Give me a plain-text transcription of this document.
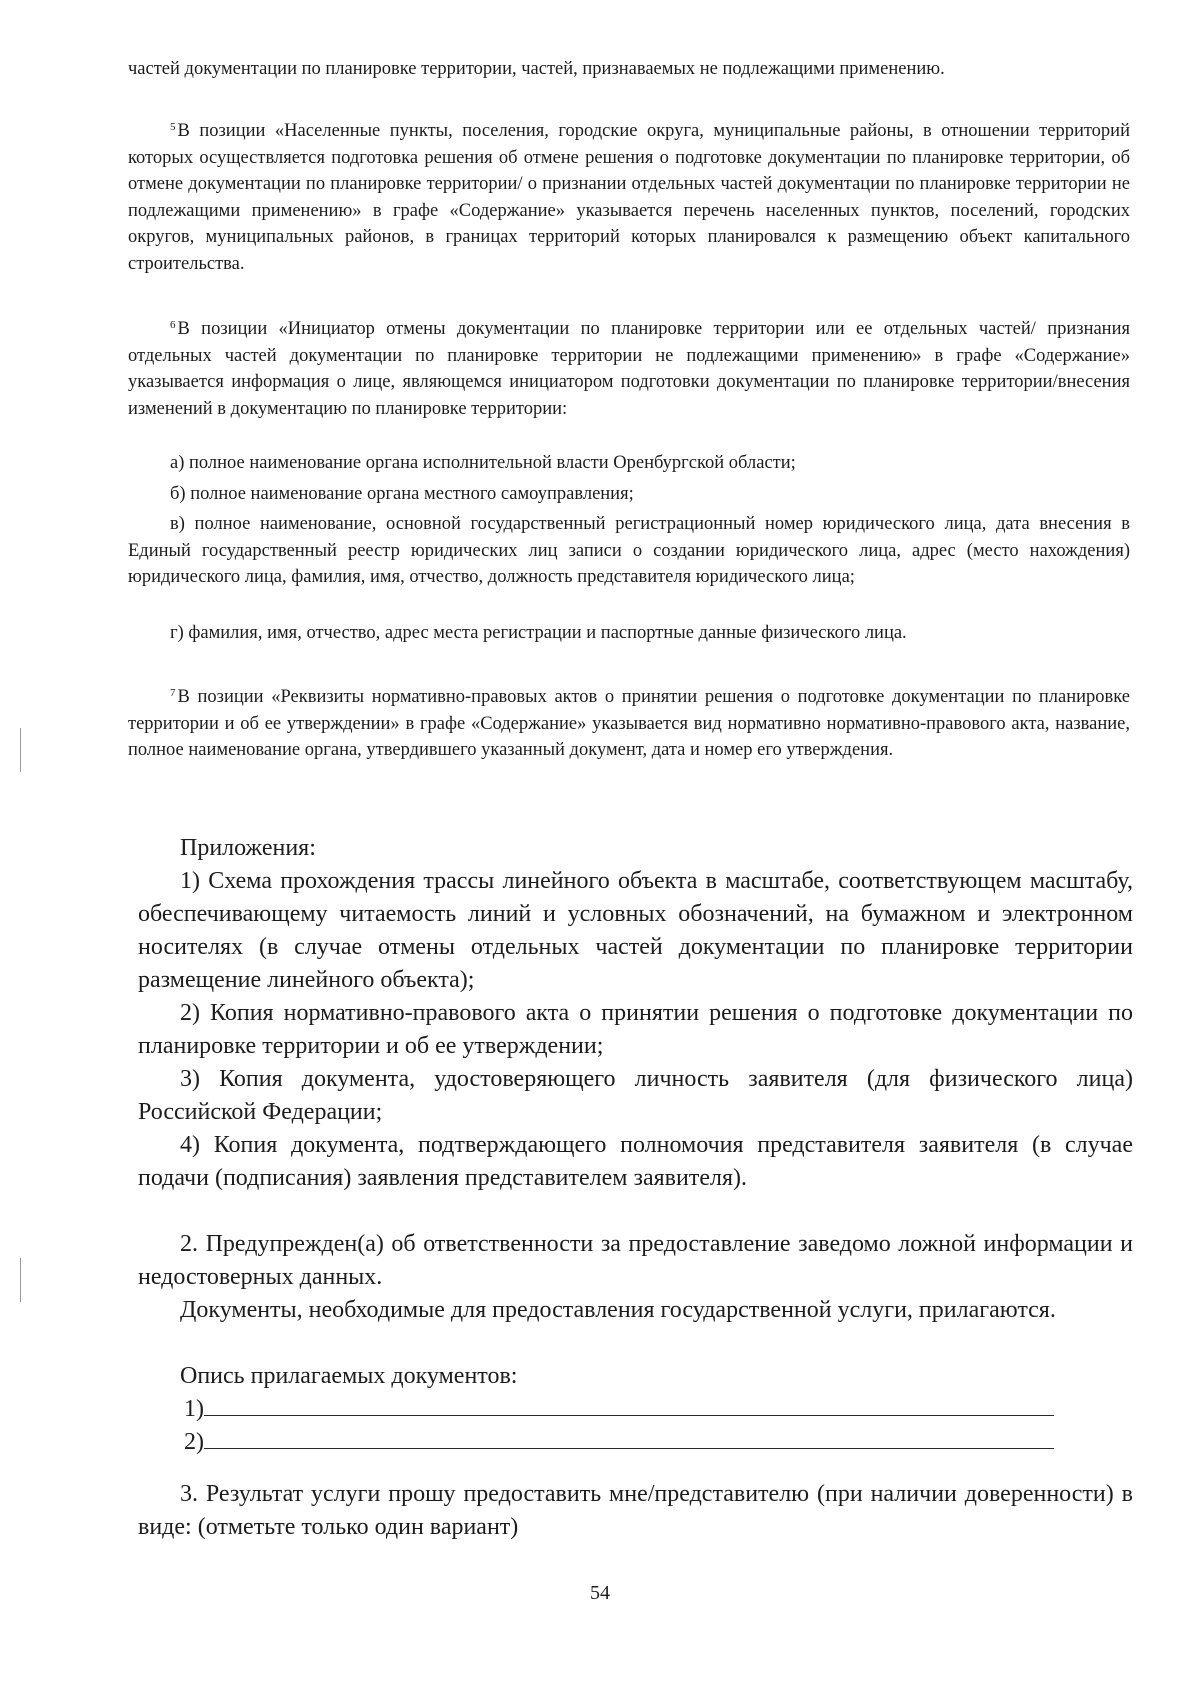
частей документации по планировке территории, частей, признаваемых не подлежащими применению.

$^5$ В позиции «Населенные пункты, поселения, городские округа, муниципальные районы, в отношении территорий которых осуществляется подготовка решения об отмене решения о подготовке документации по планировке территории, об отмене документации по планировке территории/ о признании отдельных частей документации по планировке территории не подлежащими применению» в графе «Содержание» указывается перечень населенных пунктов, поселений, городских округов, муниципальных районов, в границах территорий которых планировался к размещению объект капитального строительства.

$^6$ В позиции «Инициатор отмены документации по планировке территории или ее отдельных частей/ признания отдельных частей документации по планировке территории не подлежащими применению» в графе «Содержание» указывается информация о лице, являющемся инициатором подготовки документации по планировке территории/внесения изменений в документацию по планировке территории:

а) полное наименование органа исполнительной власти Оренбургской области;

б) полное наименование органа местного самоуправления;

в) полное наименование, основной государственный регистрационный номер юридического лица, дата внесения в Единый государственный реестр юридических лиц записи о создании юридического лица, адрес (место нахождения) юридического лица, фамилия, имя, отчество, должность представителя юридического лица;

г) фамилия, имя, отчество, адрес места регистрации и паспортные данные физического лица.

$^7$ В позиции «Реквизиты нормативно-правовых актов о принятии решения о подготовке документации по планировке территории и об ее утверждении» в графе «Содержание» указывается вид нормативно нормативно-правового акта, название, полное наименование органа, утвердившего указанный документ, дата и номер его утверждения.

Приложения:

1) Схема прохождения трассы линейного объекта в масштабе, соответствующем масштабу, обеспечивающему читаемость линий и условных обозначений, на бумажном и электронном носителях (в случае отмены отдельных частей документации по планировке территории размещение линейного объекта);

2) Копия нормативно-правового акта о принятии решения о подготовке документации по планировке территории и об ее утверждении;

3) Копия документа, удостоверяющего личность заявителя (для физического лица) Российской Федерации;

4) Копия документа, подтверждающего полномочия представителя заявителя (в случае подачи (подписания) заявления представителем заявителя).

2. Предупрежден(а) об ответственности за предоставление заведомо ложной информации и недостоверных данных.

Документы, необходимые для предоставления государственной услуги, прилагаются.

Опись прилагаемых документов:

1)
2)

3. Результат услуги прошу предоставить мне/представителю (при наличии доверенности) в виде: (отметьте только один вариант)

54
